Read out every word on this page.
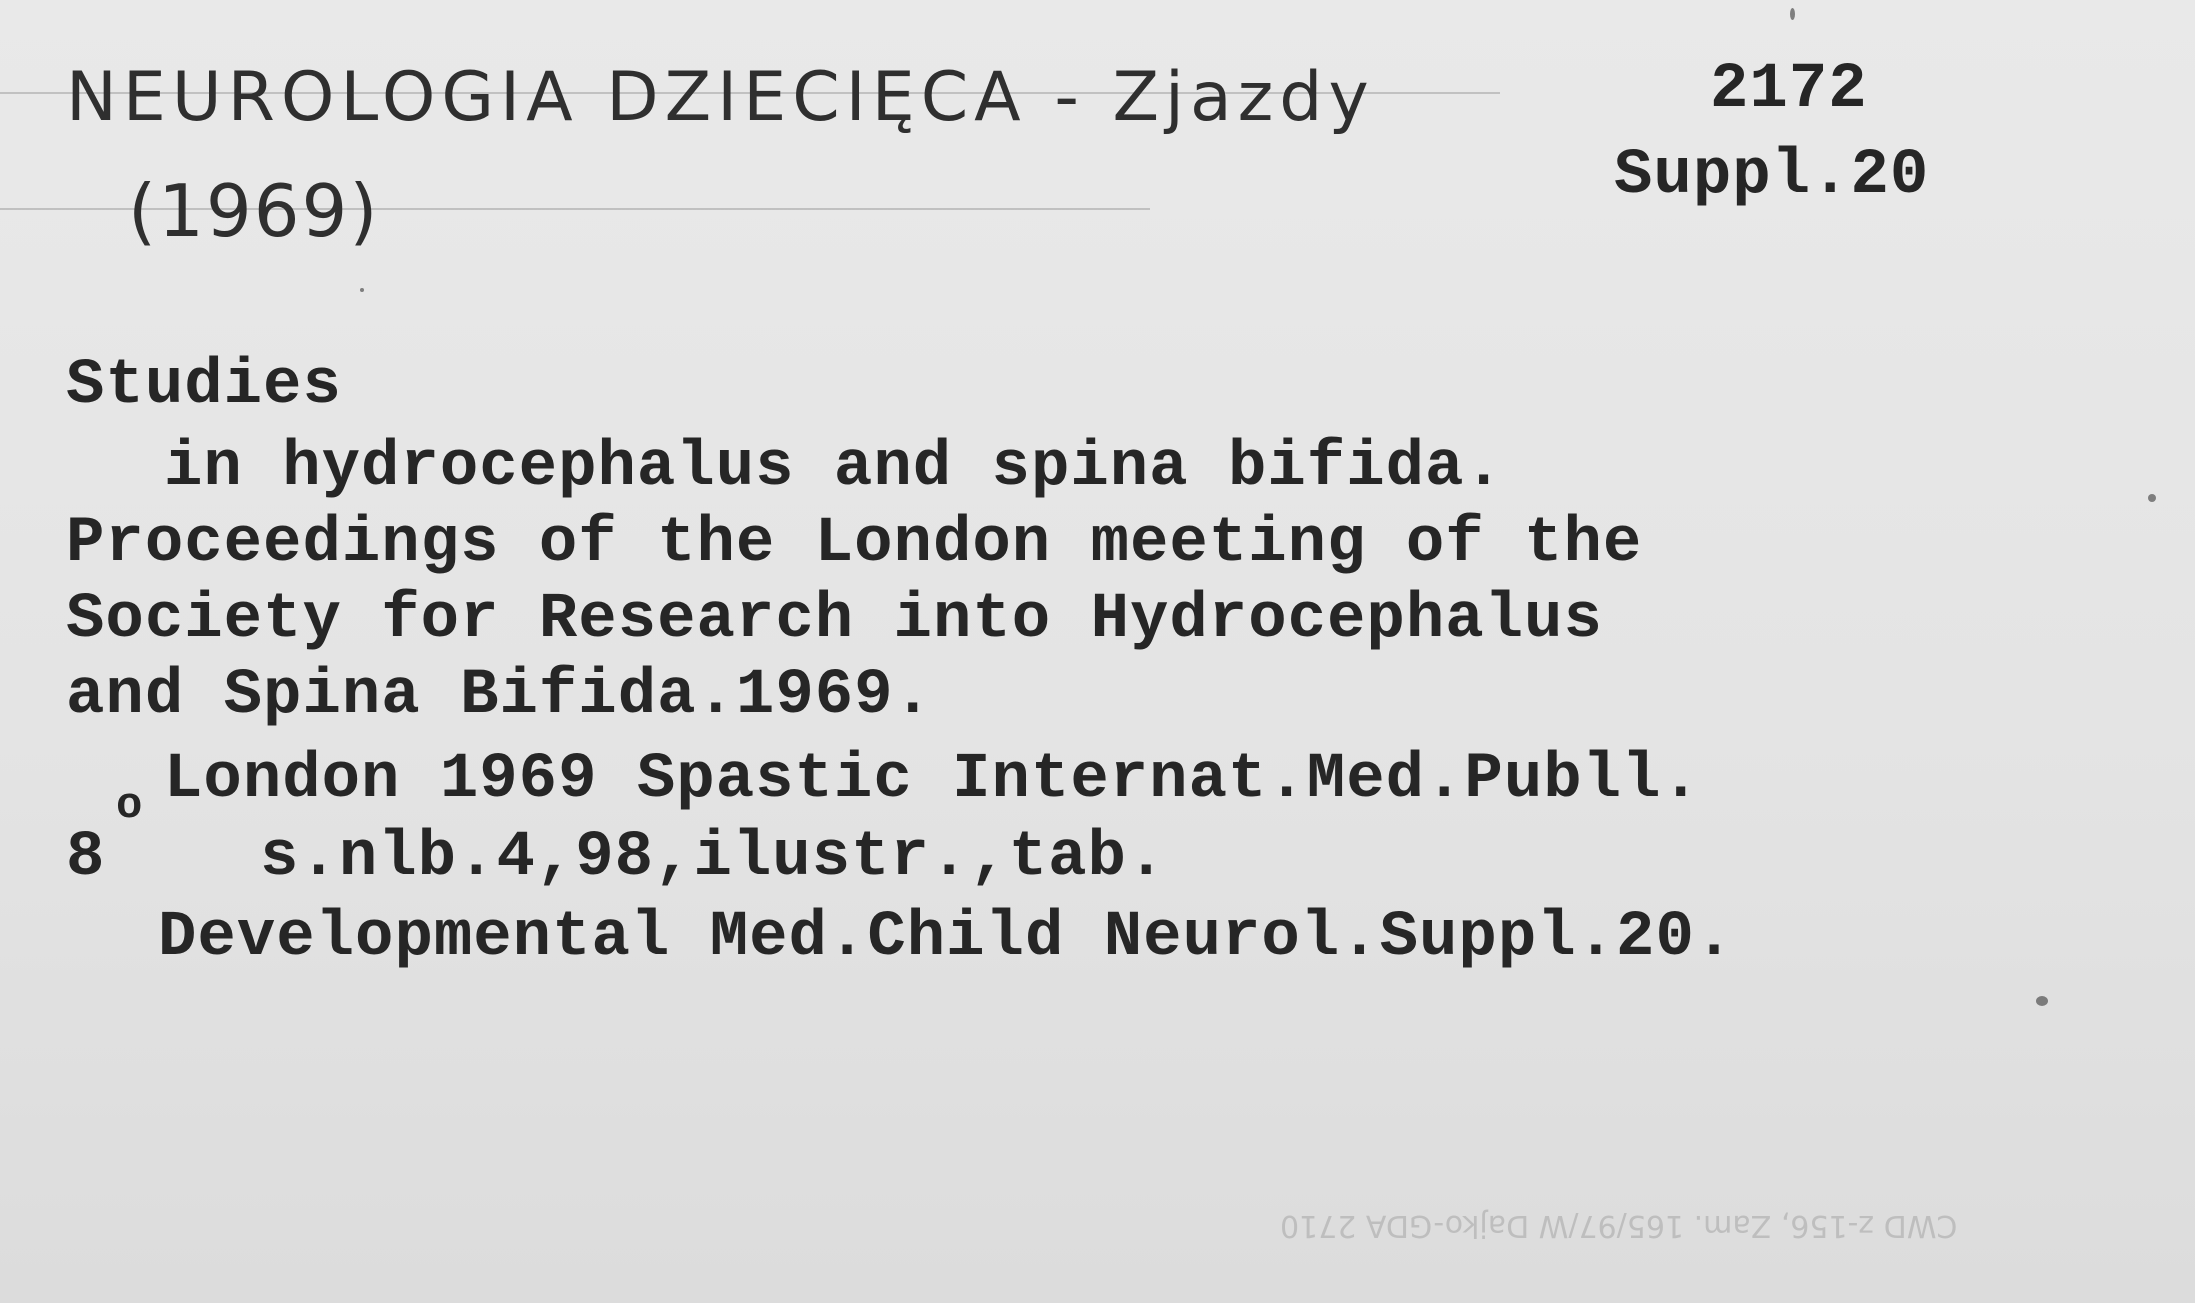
NEUROLOGIA DZIECIĘCA - Zjazdy
(1969)
2172
Suppl.20
Studies
in hydrocephalus and spina bifida.
Proceedings of the London meeting of the
Society for Research into Hydrocephalus
and Spina Bifida.1969.
London 1969 Spastic Internat.Med.Publl.
8
o
s.nlb.4,98,ilustr.,tab.
Developmental Med.Child Neurol.Suppl.20.
CWD z-156, Zam. 165/97/W Dajko-GDA 2710
